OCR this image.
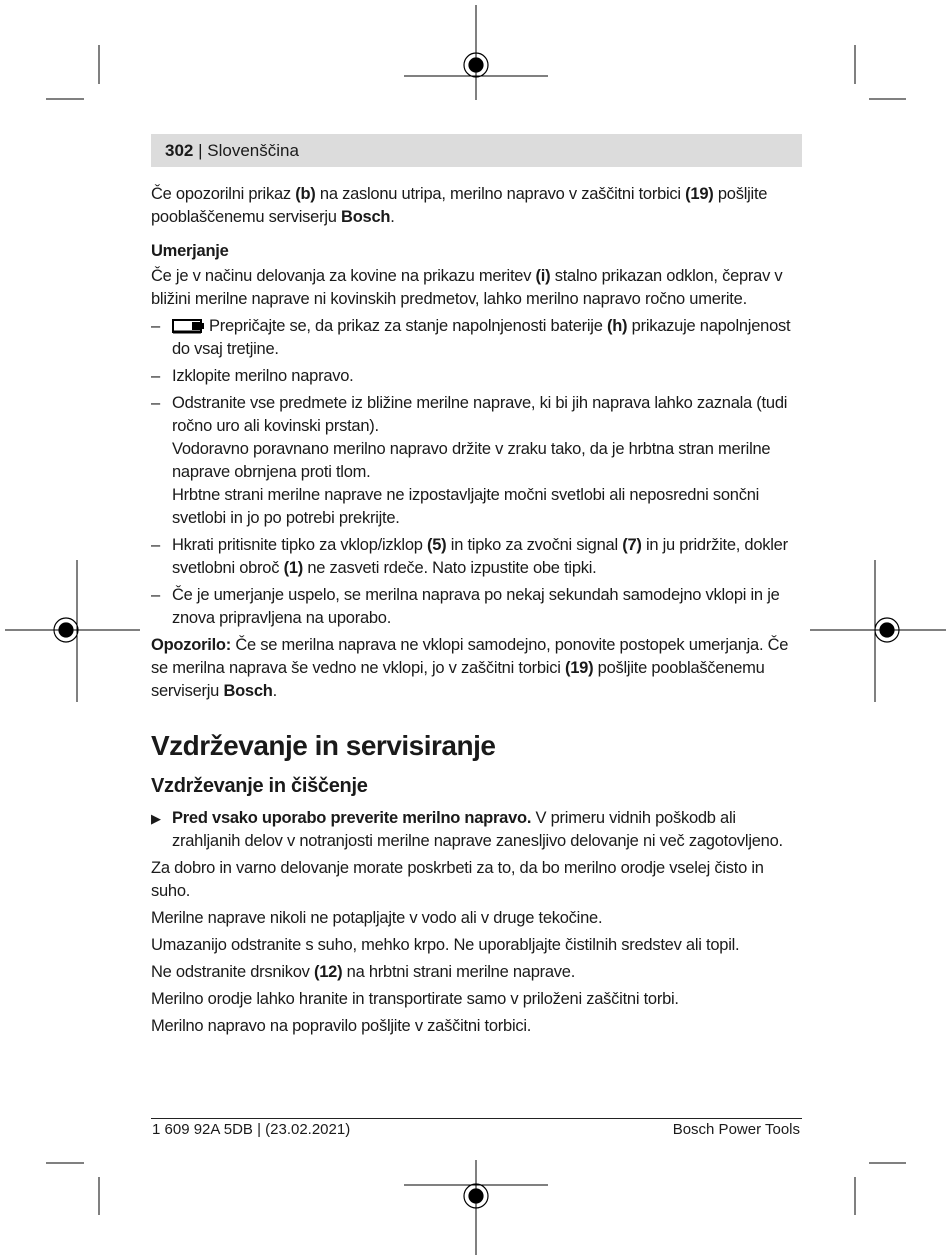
302 | Slovenščina

Če opozorilni prikaz (b) na zaslonu utripa, merilno napravo v zaščitni torbici (19) pošljite pooblaščenemu serviserju Bosch.

Umerjanje

Če je v načinu delovanja za kovine na prikazu meritev (i) stalno prikazan odklon, čeprav v bližini merilne naprave ni kovinskih predmetov, lahko merilno napravo ročno umerite.

–	Prepričajte se, da prikaz za stanje napolnjenosti baterije (h) prikazuje napolnjenost do vsaj tretjine.
– Izklopite merilno napravo.
– Odstranite vse predmete iz bližine merilne naprave, ki bi jih naprava lahko zaznala (tudi ročno uro ali kovinski prstan).
Vodoravno poravnano merilno napravo držite v zraku tako, da je hrbtna stran merilne naprave obrnjena proti tlom.
Hrbtne strani merilne naprave ne izpostavljajte močni svetlobi ali neposredni sončni svetlobi in jo po potrebi prekrijte.
– Hkrati pritisnite tipko za vklop/izklop (5) in tipko za zvočni signal (7) in ju pridržite, dokler svetlobni obroč (1) ne zasveti rdeče. Nato izpustite obe tipki.
– Če je umerjanje uspelo, se merilna naprava po nekaj sekundah samodejno vklopi in je znova pripravljena na uporabo.

Opozorilo: Če se merilna naprava ne vklopi samodejno, ponovite postopek umerjanja. Če se merilna naprava še vedno ne vklopi, jo v zaščitni torbici (19) pošljite pooblaščenemu serviserju Bosch.

Vzdrževanje in servisiranje
Vzdrževanje in čiščenje
▶ Pred vsako uporabo preverite merilno napravo. V primeru vidnih poškodb ali zrahljanih delov v notranjosti merilne naprave zanesljivo delovanje ni več zagotovljeno.

Za dobro in varno delovanje morate poskrbeti za to, da bo merilno orodje vselej čisto in suho.

Merilne naprave nikoli ne potapljajte v vodo ali v druge tekočine.

Umazanijo odstranite s suho, mehko krpo. Ne uporabljajte čistilnih sredstev ali topil.

Ne odstranite drsnikov (12) na hrbtni strani merilne naprave.

Merilno orodje lahko hranite in transportirate samo v priloženi zaščitni torbi.

Merilno napravo na popravilo pošljite v zaščitni torbici.

1 609 92A 5DB | (23.02.2021)	Bosch Power Tools
